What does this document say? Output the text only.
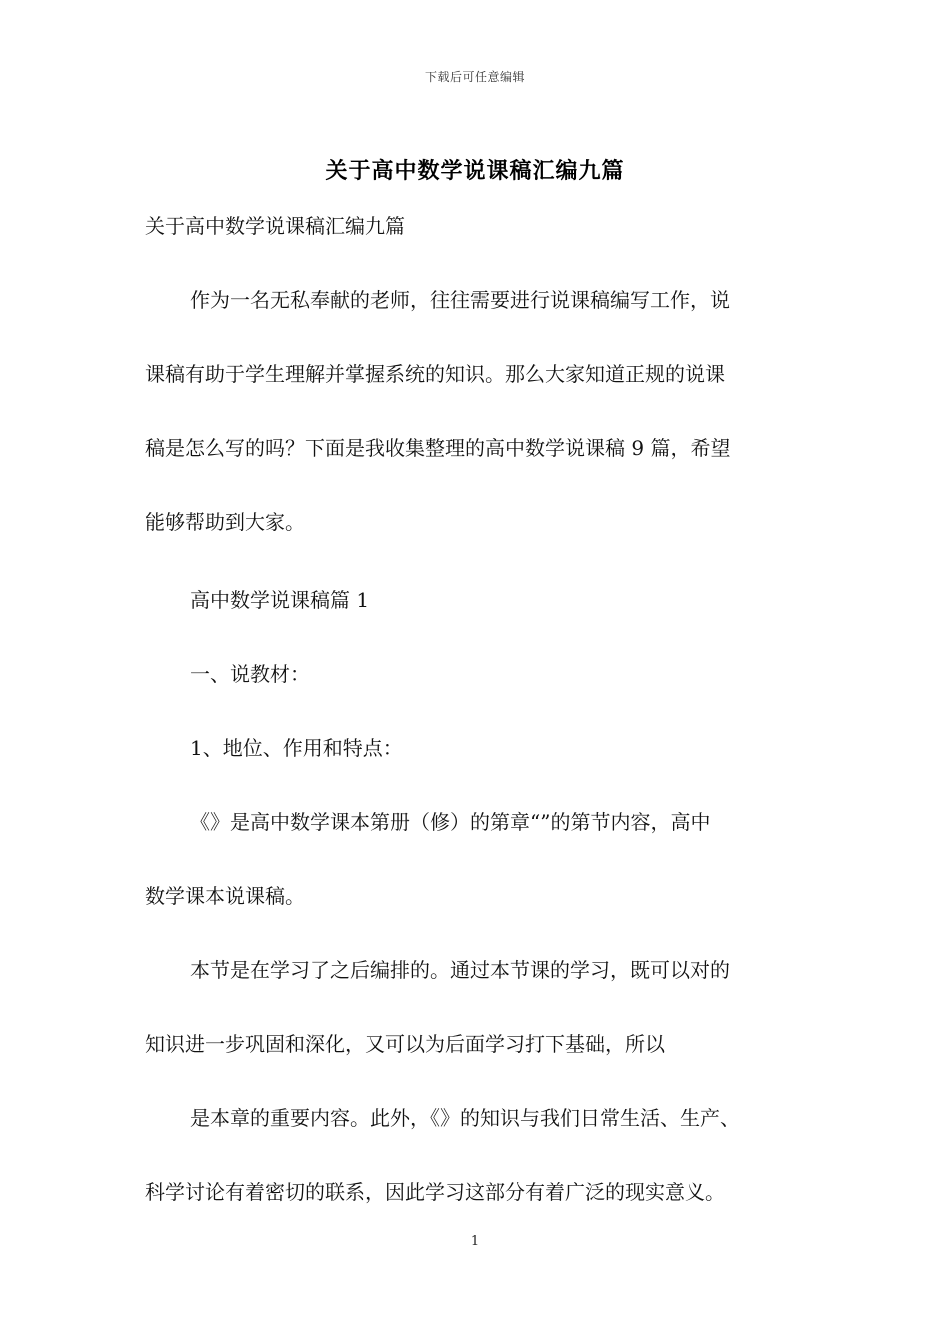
下载后可任意编辑
关于高中数学说课稿汇编九篇
关于高中数学说课稿汇编九篇
作为一名无私奉献的老师，往往需要进行说课稿编写工作，说
课稿有助于学生理解并掌握系统的知识。那么大家知道正规的说课
稿是怎么写的吗？下面是我收集整理的高中数学说课稿 9 篇，希望
能够帮助到大家。
高中数学说课稿篇 1
一、说教材：
1、地位、作用和特点：
《》是高中数学课本第册（修）的第章“”的第节内容，高中
数学课本说课稿。
本节是在学习了之后编排的。通过本节课的学习，既可以对的
知识进一步巩固和深化，又可以为后面学习打下基础，所以
是本章的重要内容。此外，《》的知识与我们日常生活、生产、
科学讨论有着密切的联系，因此学习这部分有着广泛的现实意义。
1
